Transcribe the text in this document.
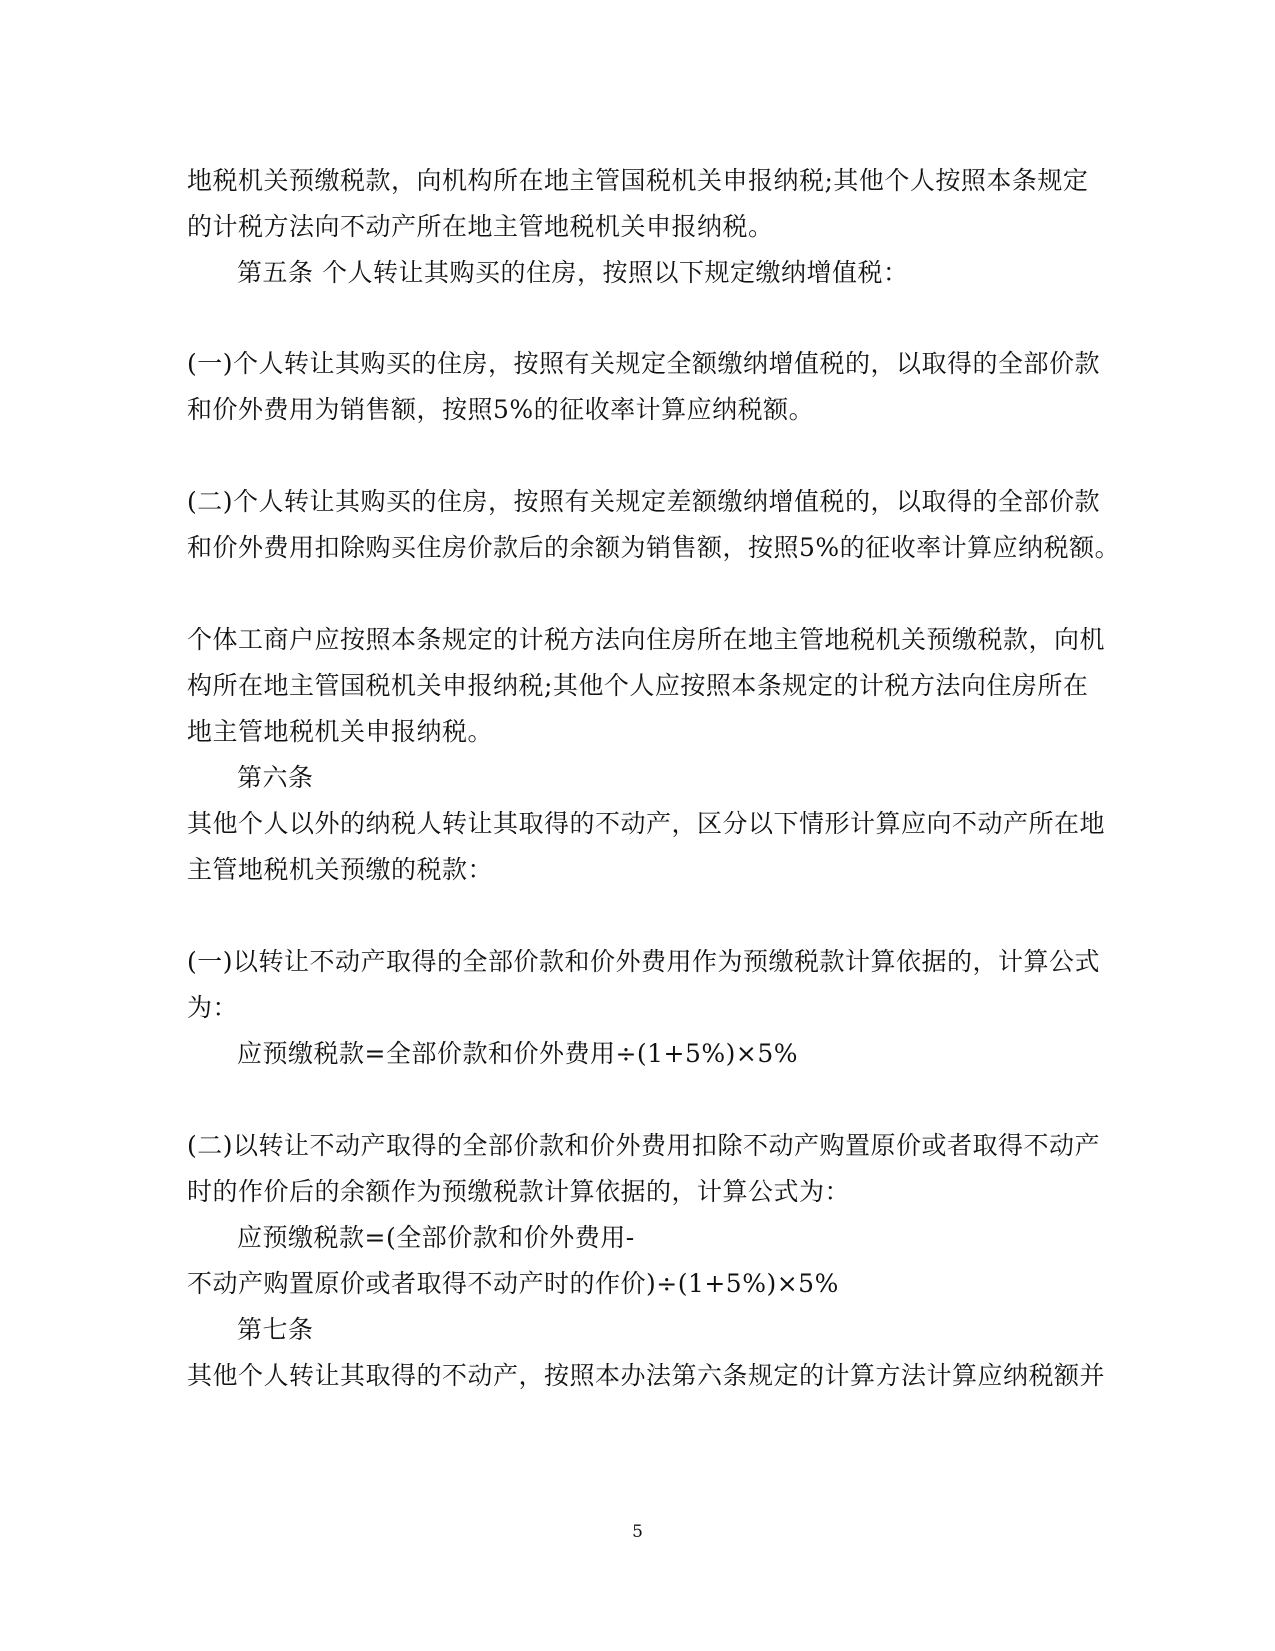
地税机关预缴税款，向机构所在地主管国税机关申报纳税;其他个人按照本条规定
的计税方法向不动产所在地主管地税机关申报纳税。
第五条 个人转让其购买的住房，按照以下规定缴纳增值税：
(一)个人转让其购买的住房，按照有关规定全额缴纳增值税的，以取得的全部价款
和价外费用为销售额，按照5%的征收率计算应纳税额。
(二)个人转让其购买的住房，按照有关规定差额缴纳增值税的，以取得的全部价款
和价外费用扣除购买住房价款后的余额为销售额，按照5%的征收率计算应纳税额。
个体工商户应按照本条规定的计税方法向住房所在地主管地税机关预缴税款，向机
构所在地主管国税机关申报纳税;其他个人应按照本条规定的计税方法向住房所在
地主管地税机关申报纳税。
第六条
其他个人以外的纳税人转让其取得的不动产，区分以下情形计算应向不动产所在地
主管地税机关预缴的税款：
(一)以转让不动产取得的全部价款和价外费用作为预缴税款计算依据的，计算公式
为：
应预缴税款=全部价款和价外费用÷(1+5%)×5%
(二)以转让不动产取得的全部价款和价外费用扣除不动产购置原价或者取得不动产
时的作价后的余额作为预缴税款计算依据的，计算公式为：
应预缴税款=(全部价款和价外费用-
不动产购置原价或者取得不动产时的作价)÷(1+5%)×5%
第七条
其他个人转让其取得的不动产，按照本办法第六条规定的计算方法计算应纳税额并
5
